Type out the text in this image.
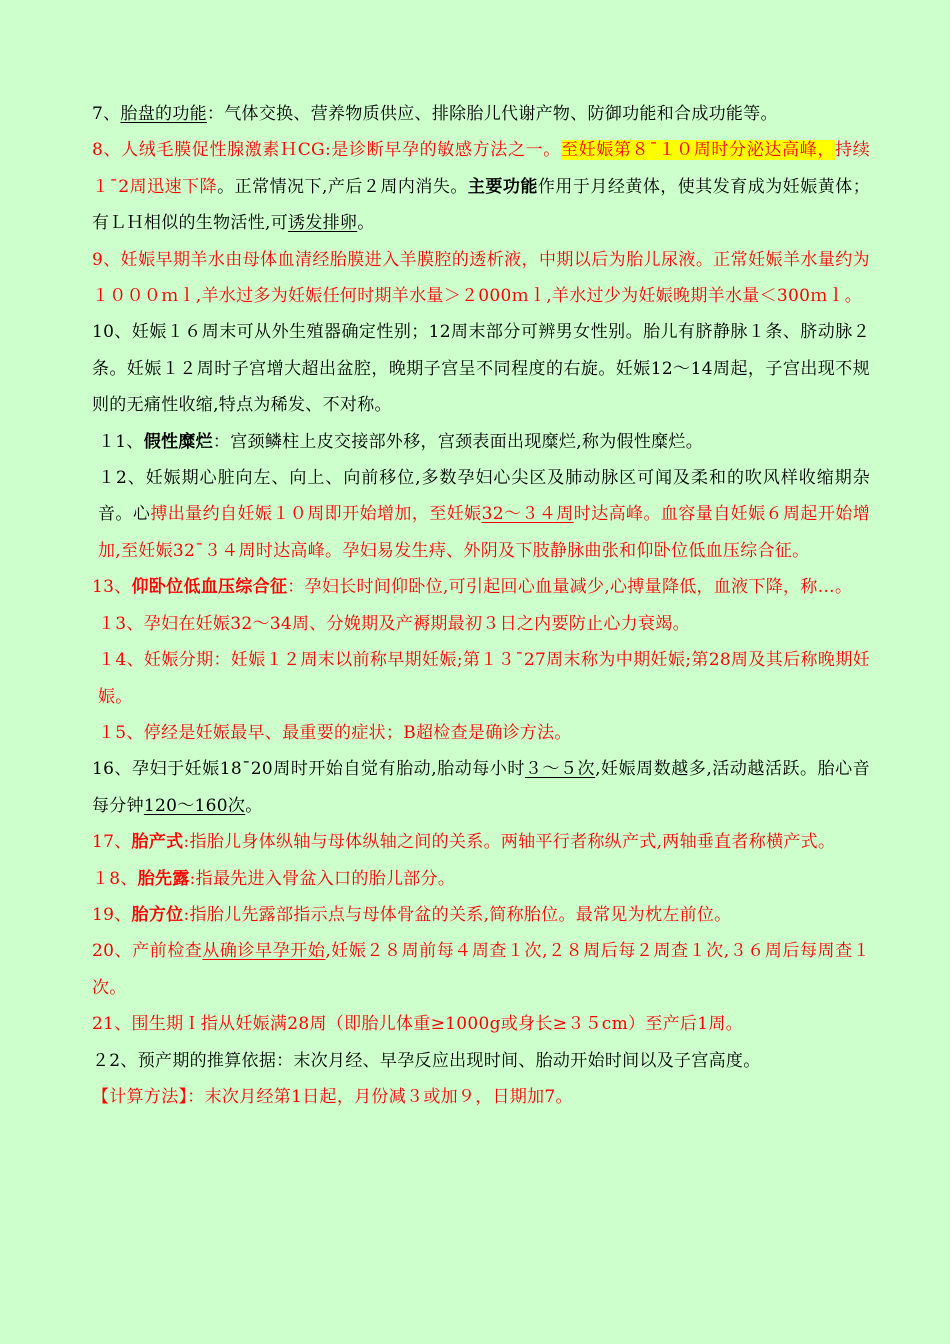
7、胎盘的功能：气体交换、营养物质供应、排除胎儿代谢产物、防御功能和合成功能等。

8、人绒毛膜促性腺激素ＨCG:是诊断早孕的敏感方法之一。至妊娠第８¯１０周时分泌达高峰，持续１¯2周迅速下降。正常情况下,产后２周内消失。主要功能作用于月经黄体，使其发育成为妊娠黄体；有ＬＨ相似的生物活性,可诱发排卵。

9、妊娠早期羊水由母体血清经胎膜进入羊膜腔的透析液，中期以后为胎儿尿液。正常妊娠羊水量约为１０００ｍｌ,羊水过多为妊娠任何时期羊水量＞２000ｍｌ,羊水过少为妊娠晚期羊水量＜300ｍｌ。

10、妊娠１６周末可从外生殖器确定性别；12周末部分可辨男女性别。胎儿有脐静脉１条、脐动脉２条。妊娠１２周时子宫增大超出盆腔，晚期子宫呈不同程度的右旋。妊娠12～14周起，子宫出现不规则的无痛性收缩,特点为稀发、不对称。

１1、假性糜烂：宫颈鳞柱上皮交接部外移，宫颈表面出现糜烂,称为假性糜烂。

１2、妊娠期心脏向左、向上、向前移位,多数孕妇心尖区及肺动脉区可闻及柔和的吹风样收缩期杂音。心搏出量约自妊娠１０周即开始增加，至妊娠32～３４周时达高峰。血容量自妊娠６周起开始增加,至妊娠32¯３４周时达高峰。孕妇易发生痔、外阴及下肢静脉曲张和仰卧位低血压综合征。

13、仰卧位低血压综合征：孕妇长时间仰卧位,可引起回心血量减少,心搏量降低，血液下降，称…。

１3、孕妇在妊娠32～34周、分娩期及产褥期最初３日之内要防止心力衰竭。

１4、妊娠分期：妊娠１２周末以前称早期妊娠;第１３¯27周末称为中期妊娠;第28周及其后称晚期妊娠。

１5、停经是妊娠最早、最重要的症状；B超检查是确诊方法。

16、孕妇于妊娠18¯20周时开始自觉有胎动,胎动每小时３～５次,妊娠周数越多,活动越活跃。胎心音每分钟120～160次。

17、胎产式:指胎儿身体纵轴与母体纵轴之间的关系。两轴平行者称纵产式,两轴垂直者称横产式。

１8、胎先露:指最先进入骨盆入口的胎儿部分。

19、胎方位:指胎儿先露部指示点与母体骨盆的关系,简称胎位。最常见为枕左前位。

20、产前检查从确诊早孕开始,妊娠２８周前每４周查１次,２８周后每２周查１次,３６周后每周查１次。

21、围生期Ｉ指从妊娠满28周（即胎儿体重≥1000g或身长≥３５cm）至产后1周。

２2、预产期的推算依据：末次月经、早孕反应出现时间、胎动开始时间以及子宫高度。

【计算方法】：末次月经第1日起，月份减３或加９，日期加7。
